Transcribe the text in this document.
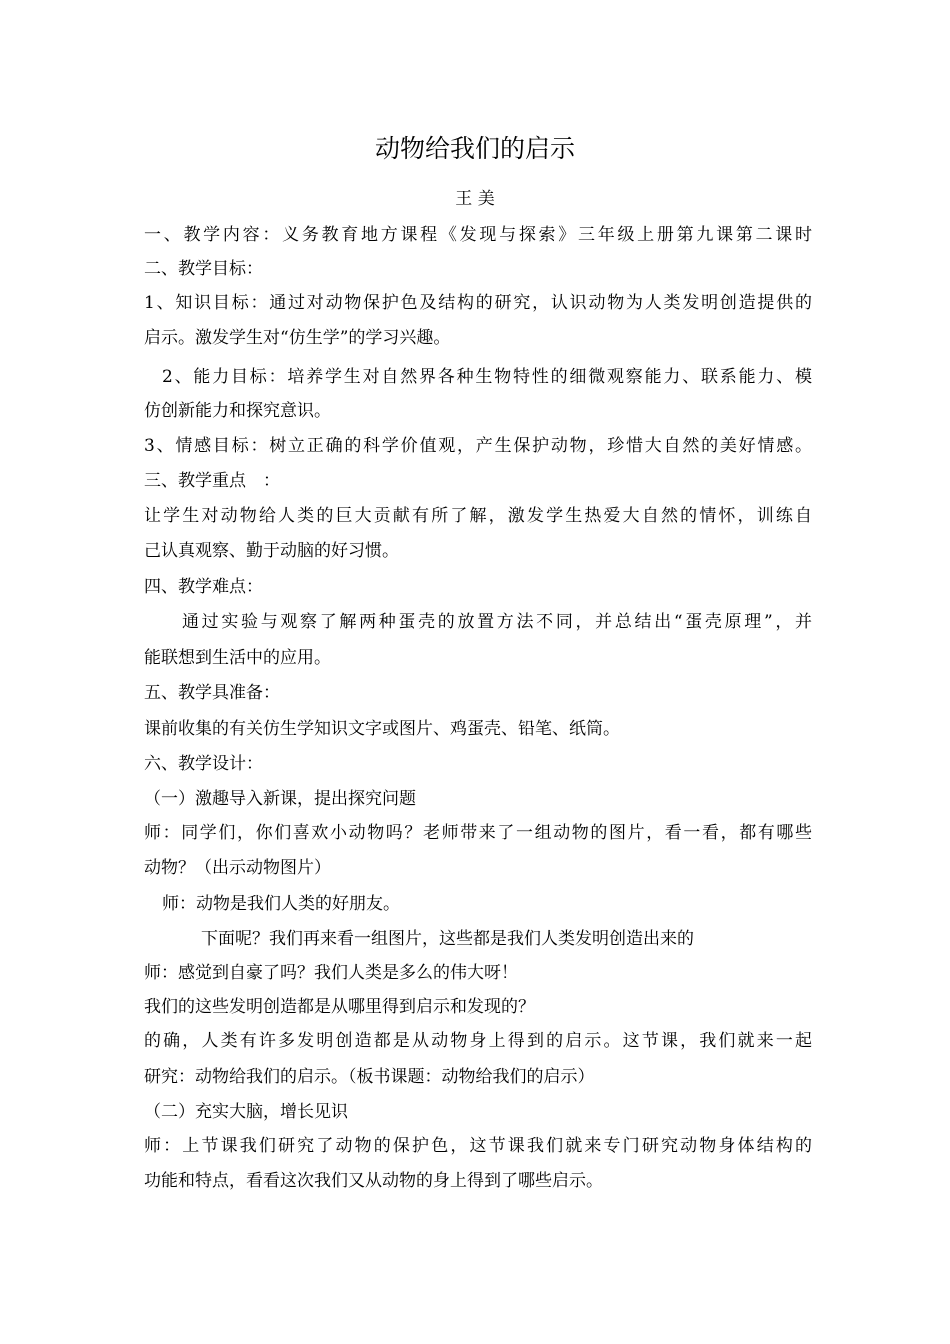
动物给我们的启示
王 美
一、教学内容：义务教育地方课程《发现与探索》三年级上册第九课第二课时
二、教学目标：
1、知识目标：通过对动物保护色及结构的研究，认识动物为人类发明创造提供的
启示。激发学生对“仿生学”的学习兴趣。
2、能力目标：培养学生对自然界各种生物特性的细微观察能力、联系能力、模
仿创新能力和探究意识。
3、情感目标：树立正确的科学价值观，产生保护动物，珍惜大自然的美好情感。
三、教学重点　：
让学生对动物给人类的巨大贡献有所了解，激发学生热爱大自然的情怀，训练自
己认真观察、勤于动脑的好习惯。
四、教学难点：
通过实验与观察了解两种蛋壳的放置方法不同，并总结出“蛋壳原理”，并
能联想到生活中的应用。
五、教学具准备：
课前收集的有关仿生学知识文字或图片、鸡蛋壳、铅笔、纸筒。
六、教学设计：
（一）激趣导入新课，提出探究问题
师：同学们，你们喜欢小动物吗？老师带来了一组动物的图片，看一看，都有哪些
动物？（出示动物图片）
师：动物是我们人类的好朋友。
下面呢？我们再来看一组图片，这些都是我们人类发明创造出来的
师：感觉到自豪了吗？我们人类是多么的伟大呀！
我们的这些发明创造都是从哪里得到启示和发现的？
的确，人类有许多发明创造都是从动物身上得到的启示。这节课，我们就来一起
研究：动物给我们的启示。（板书课题：动物给我们的启示）
（二）充实大脑，增长见识
师：上节课我们研究了动物的保护色，这节课我们就来专门研究动物身体结构的
功能和特点，看看这次我们又从动物的身上得到了哪些启示。
